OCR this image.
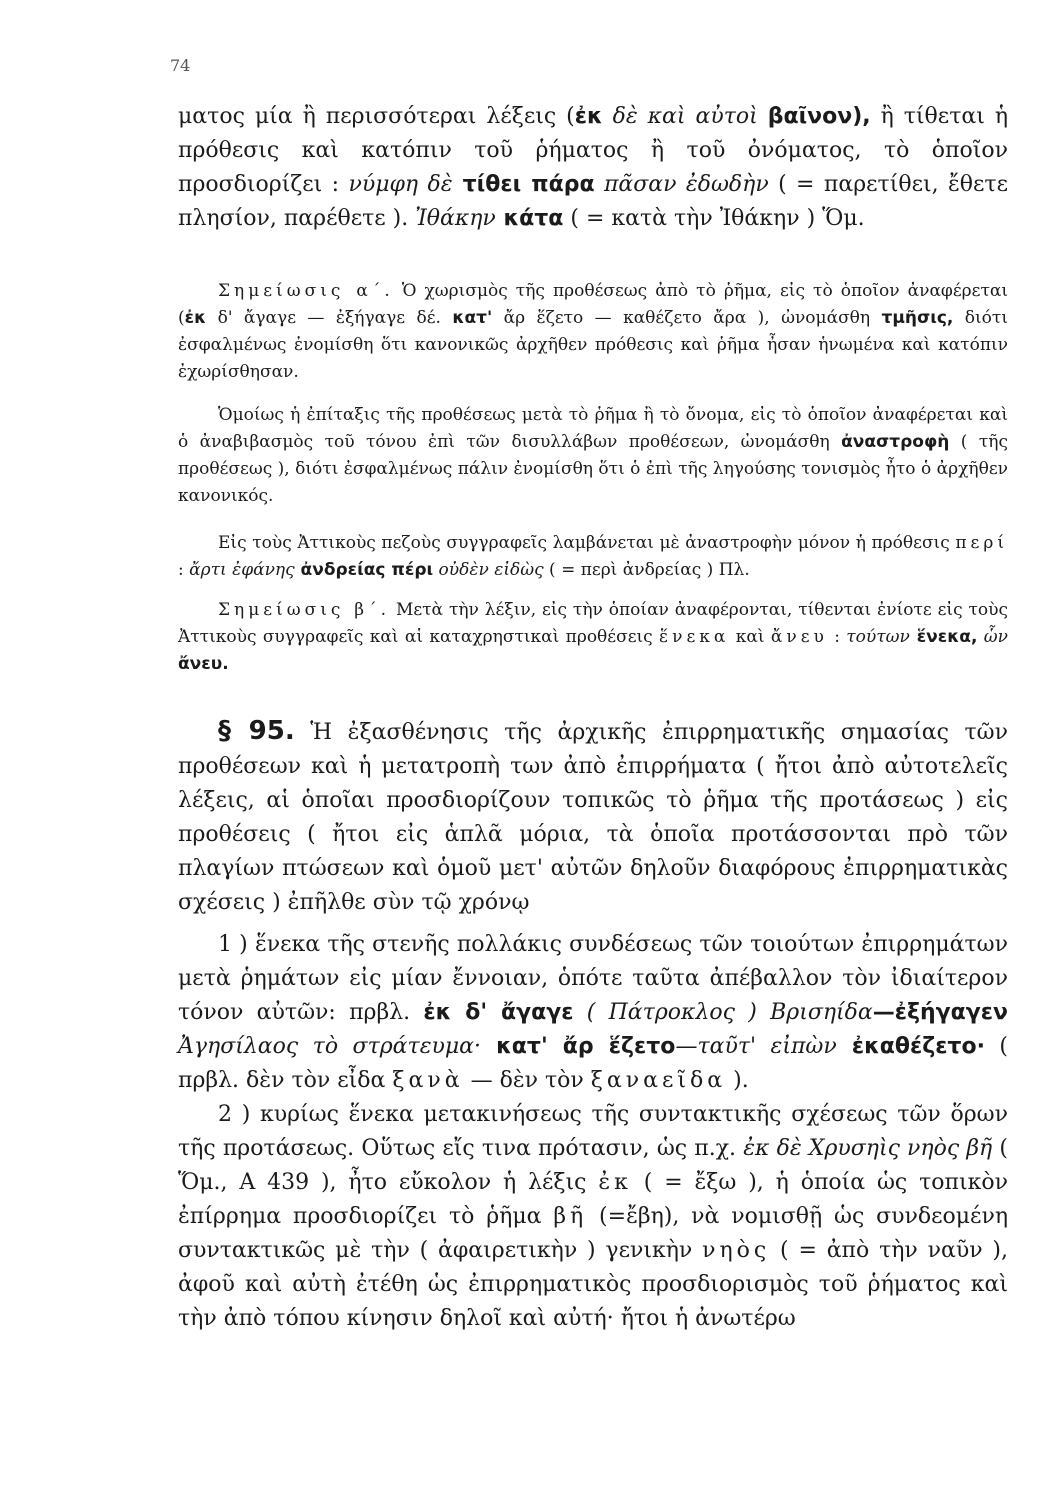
74

ματος μία ἢ περισσότεραι λέξεις (ἐκ δὲ καὶ αὐτοὶ βαῖνον), ἢ τίθεται ἡ πρόθεσις καὶ κατόπιν τοῦ ῥήματος ἢ τοῦ ὀνόματος, τὸ ὁποῖον προσδιορίζει : νύμφη δὲ τίθει πάρα πᾶσαν ἐδωδὴν ( = παρετίθει, ἔθετε πλησίον, παρέθετε ). Ἰθάκην κάτα ( = κατὰ τὴν Ἰθάκην ) Ὅμ.

Σημείωσις α΄. Ὁ χωρισμὸς τῆς προθέσεως ἀπὸ τὸ ῥῆμα, εἰς τὸ ὁποῖον ἀναφέρεται (ἐκ δ' ἄγαγε — ἐξήγαγε δέ. κατ' ἄρ ἕζετο — καθέζετο ἄρα ), ὠνομάσθη τμῆσις, διότι ἐσφαλμένως ἐνομίσθη ὅτι κανονικῶς ἀρχῆθεν πρόθεσις καὶ ῥῆμα ἦσαν ἡνωμένα καὶ κατόπιν ἐχωρίσθησαν.

Ὁμοίως ἡ ἐπίταξις τῆς προθέσεως μετὰ τὸ ῥῆμα ἢ τὸ ὄνομα, εἰς τὸ ὁποῖον ἀναφέρεται καὶ ὁ ἀναβιβασμὸς τοῦ τόνου ἐπὶ τῶν δισυλλάβων προθέσεων, ὠνομάσθη ἀναστροφὴ ( τῆς προθέσεως ), διότι ἐσφαλμένως πάλιν ἐνομίσθη ὅτι ὁ ἐπὶ τῆς ληγούσης τονισμὸς ἦτο ὁ ἀρχῆθεν κανονικός.

Εἰς τοὺς Ἀττικοὺς πεζοὺς συγγραφεῖς λαμβάνεται μὲ ἀναστροφὴν μόνον ἡ πρόθεσις περί : ἄρτι ἐφάνης ἀνδρείας πέρι οὐδὲν εἰδὼς ( = περὶ ἀνδρείας ) Πλ.

Σημείωσις β΄. Μετὰ τὴν λέξιν, εἰς τὴν ὁποίαν ἀναφέρονται, τίθενται ἐνίοτε εἰς τοὺς Ἀττικοὺς συγγραφεῖς καὶ αἱ καταχρηστικαὶ προθέσεις ἕνεκα καὶ ἄνευ : τούτων ἕνεκα, ὧν ἄνευ.

§ 95. Ἡ ἐξασθένησις τῆς ἀρχικῆς ἐπιρρηματικῆς σημασίας τῶν προθέσεων καὶ ἡ μετατροπὴ των ἀπὸ ἐπιρρήματα ( ἤτοι ἀπὸ αὐτοτελεῖς λέξεις, αἱ ὁποῖαι προσδιορίζουν τοπικῶς τὸ ῥῆμα τῆς προτάσεως ) εἰς προθέσεις ( ἤτοι εἰς ἁπλᾶ μόρια, τὰ ὁποῖα προτάσσονται πρὸ τῶν πλαγίων πτώσεων καὶ ὁμοῦ μετ' αὐτῶν δηλοῦν διαφόρους ἐπιρρηματικὰς σχέσεις ) ἐπῆλθε σὺν τῷ χρόνῳ

1 ) ἕνεκα τῆς στενῆς πολλάκις συνδέσεως τῶν τοιούτων ἐπιρρημάτων μετὰ ῥημάτων εἰς μίαν ἔννοιαν, ὁπότε ταῦτα ἀπέβαλλον τὸν ἰδιαίτερον τόνον αὐτῶν: πρβλ. ἐκ δ' ἄγαγε ( Πάτροκλος ) Βρισηίδα—ἐξήγαγεν Ἀγησίλαος τὸ στράτευμα· κατ' ἄρ ἕζετο—ταῦτ' εἰπὼν ἐκαθέζετο· ( πρβλ. δὲν τὸν εἶδα ξανὰ — δὲν τὸν ξαναεῖδα ).

2 ) κυρίως ἕνεκα μετακινήσεως τῆς συντακτικῆς σχέσεως τῶν ὅρων τῆς προτάσεως. Οὕτως εἴς τινα πρότασιν, ὡς π.χ. ἐκ δὲ Χρυσηὶς νηὸς βῆ ( Ὅμ., Α 439 ), ἦτο εὔκολον ἡ λέξις ἐκ ( = ἔξω ), ἡ ὁποία ὡς τοπικὸν ἐπίρρημα προσδιορίζει τὸ ῥῆμα βῆ (=ἔβη), νὰ νομισθῇ ὡς συνδεομένη συντακτικῶς μὲ τὴν ( ἀφαιρετικὴν ) γενικὴν νηὸς ( = ἀπὸ τὴν ναῦν ), ἀφοῦ καὶ αὐτὴ ἐτέθη ὡς ἐπιρρηματικὸς προσδιορισμὸς τοῦ ῥήματος καὶ τὴν ἀπὸ τόπου κίνησιν δηλοῖ καὶ αὐτή· ἤτοι ἡ ἀνωτέρω
